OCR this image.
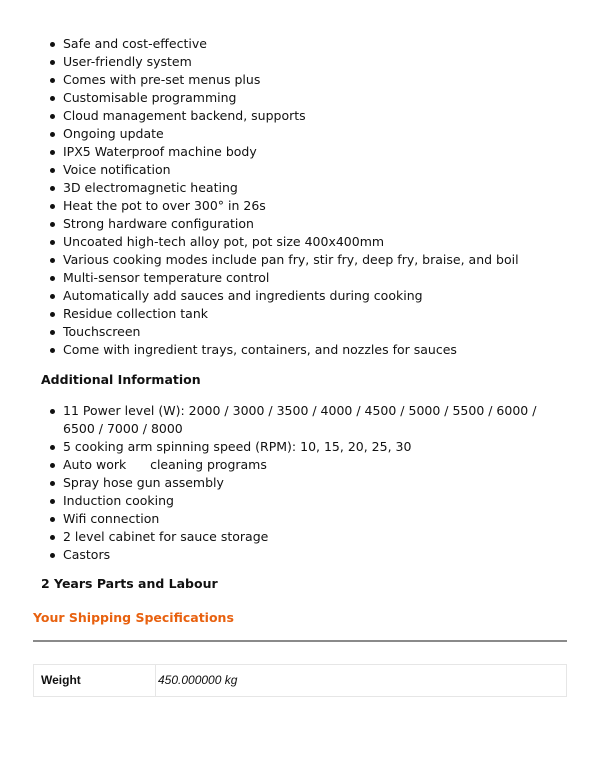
Safe and cost-effective
User-friendly system
Comes with pre-set menus plus
Customisable programming
Cloud management backend, supports
Ongoing update
IPX5 Waterproof machine body
Voice notification
3D electromagnetic heating
Heat the pot to over 300° in 26s
Strong hardware configuration
Uncoated high-tech alloy pot, pot size 400x400mm
Various cooking modes include pan fry, stir fry, deep fry, braise, and boil
Multi-sensor temperature control
Automatically add sauces and ingredients during cooking
Residue collection tank
Touchscreen
Come with ingredient trays, containers, and nozzles for sauces
Additional Information
11 Power level (W): 2000 / 3000 / 3500 / 4000 / 4500 / 5000 / 5500 / 6000 / 6500 / 7000 / 8000
5 cooking arm spinning speed (RPM): 10, 15, 20, 25, 30
Auto work      cleaning programs
Spray hose gun assembly
Induction cooking
Wifi connection
2 level cabinet for sauce storage
Castors
2 Years Parts and Labour
Your Shipping Specifications
Weight	450.000000 kg
